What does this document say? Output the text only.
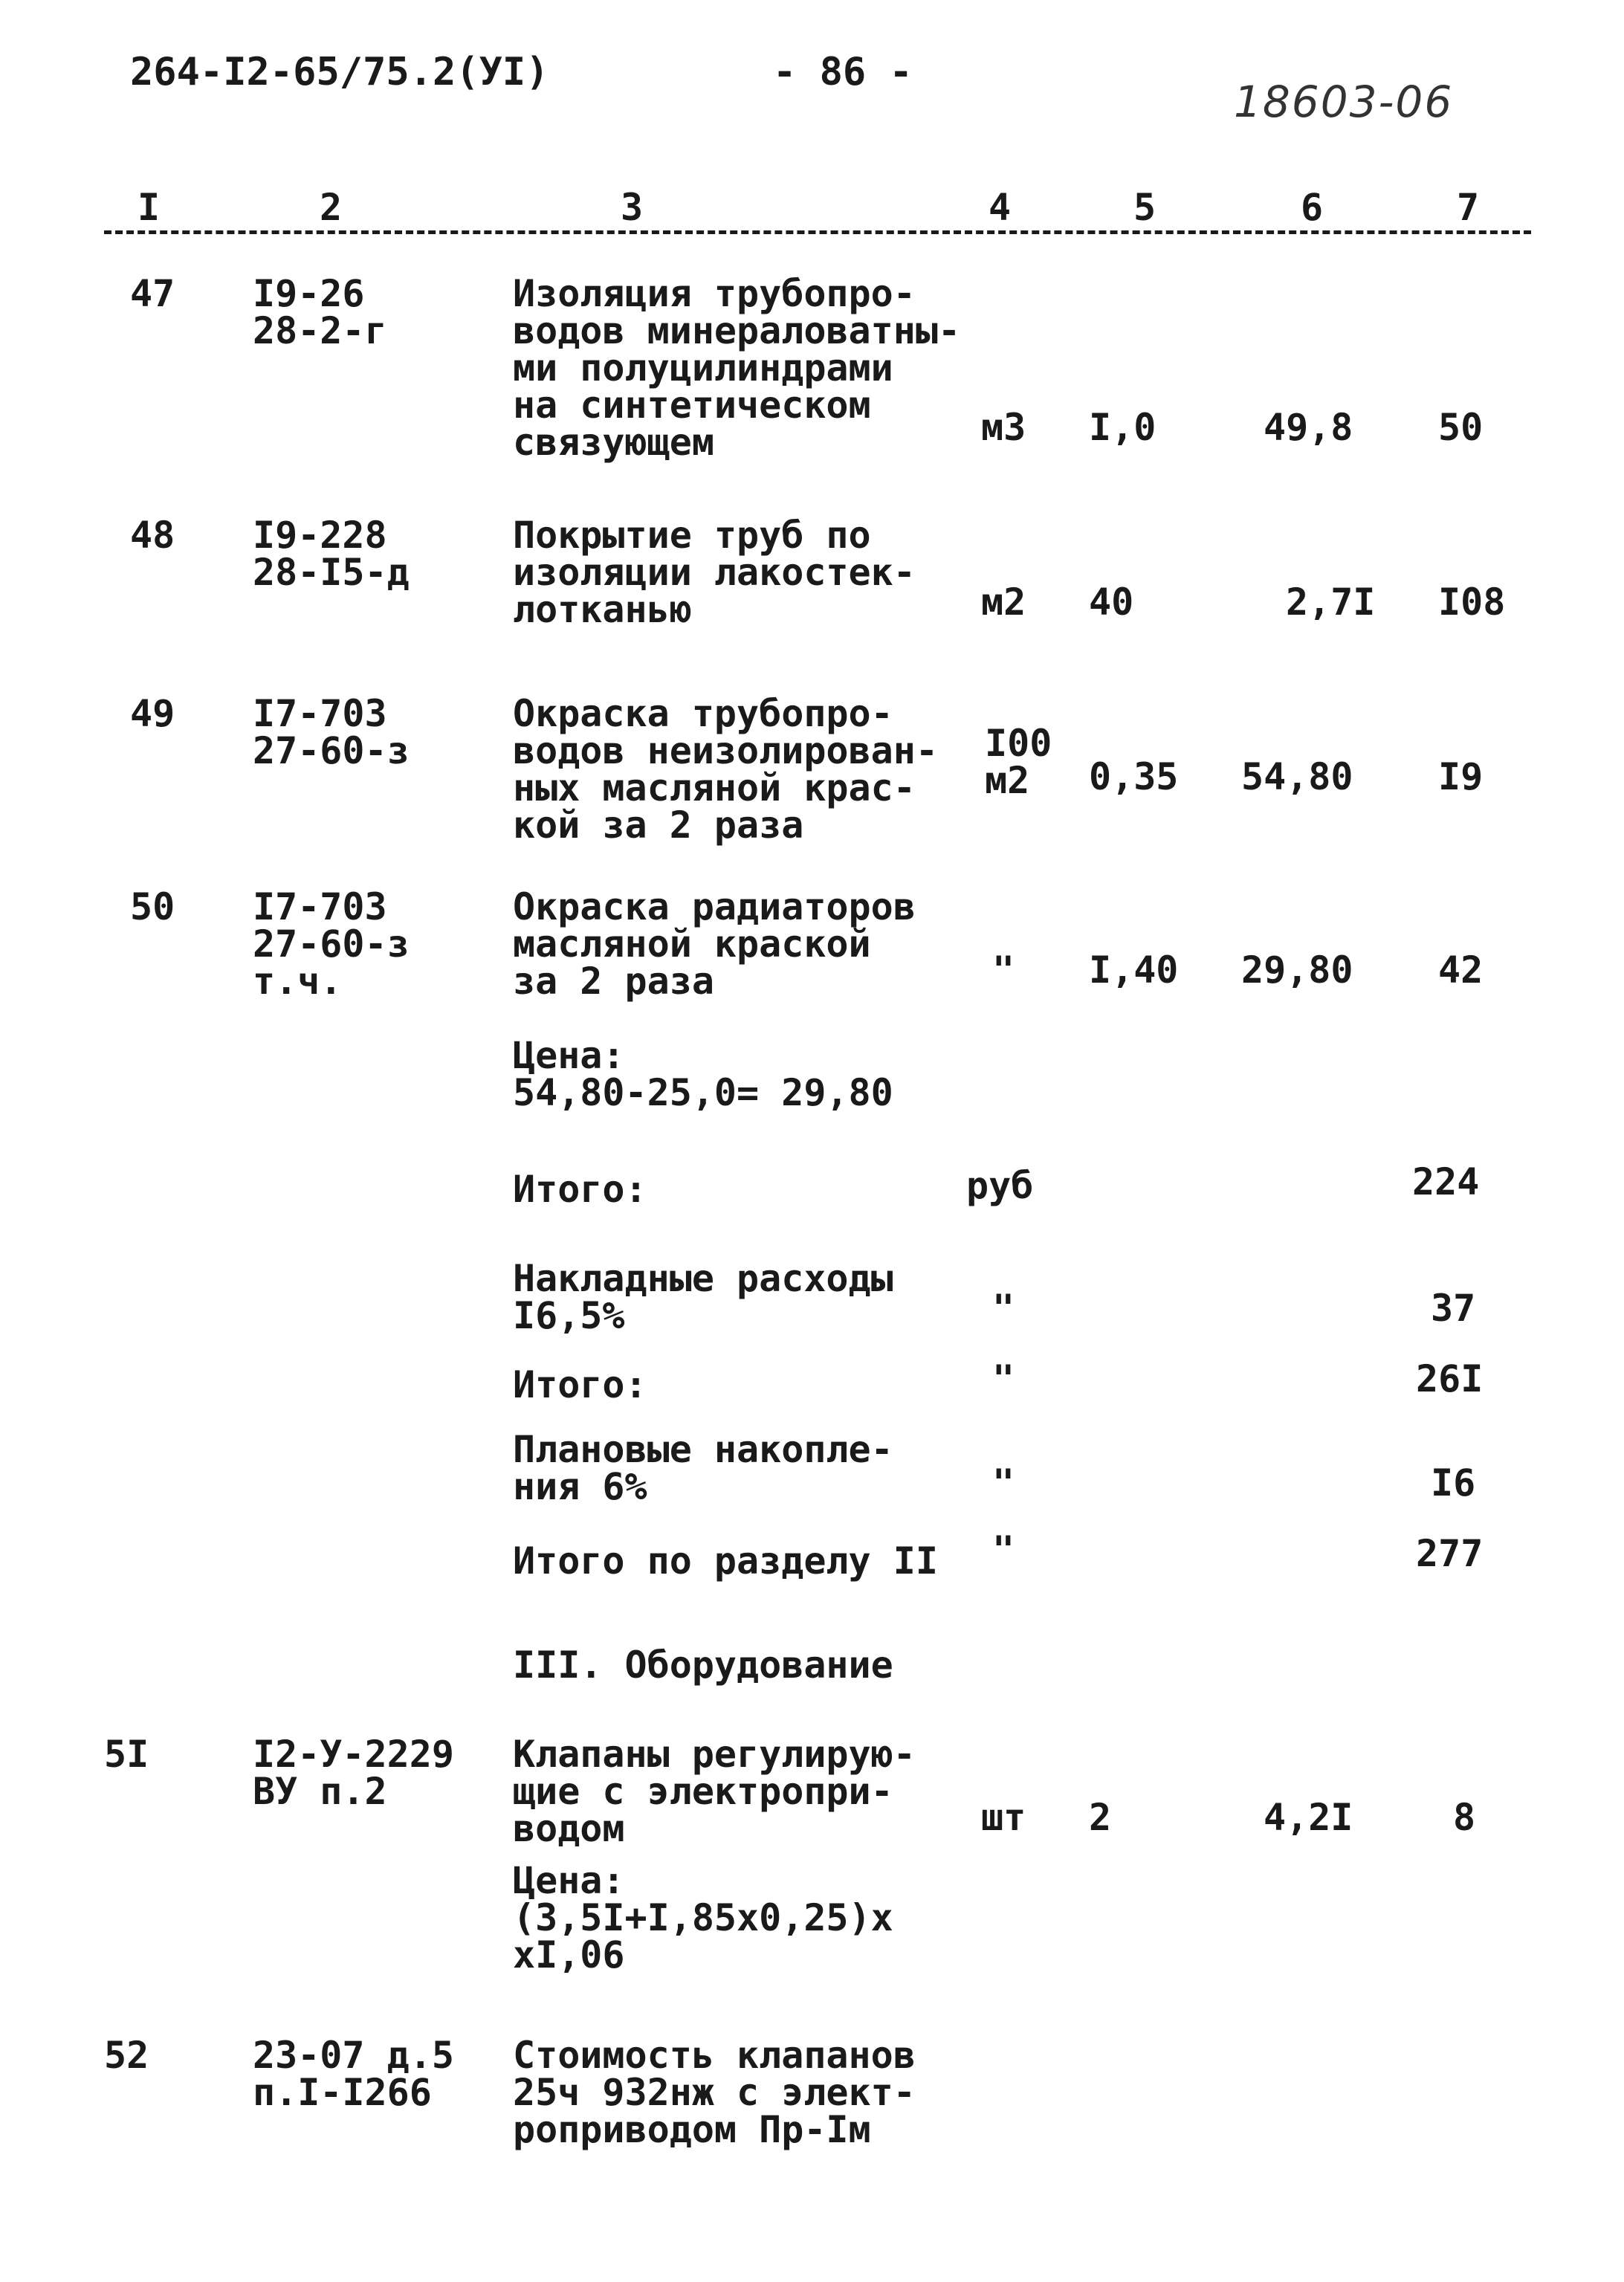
264-I2-65/75.2(УI)	- 86 -
18603-06
I	2	3	4	5	6	7
47 I9-26
28-2-г
Изоляция трубопро-
водов минераловатны-
ми полуцилиндрами
на синтетическом
связующем	м3 I,0	49,8 50
48 I9-228
28-I5-д
Покрытие труб по
изоляции лакостек-
лотканью	м2 40	2,7I I08
49 I7-703
27-60-з
Окраска трубопро-
водов неизолирован-
ных масляной крас-
кой за 2 раза
I00
м2	0,35 54,80 I9
50 I7-703
27-60-з
т.ч.
Окраска радиаторов
масляной краской
за 2 раза	" I,40 29,80 42
Цена:
54,80-25,0= 29,80
Итого:	руб	224
Накладные расходы
I6,5%	"	37
Итого:	"	26I
Плановые накопле-
ния 6%	"	I6
Итого по разделу II "	277
III. Оборудование
5I	I2-У-2229
ВУ п.2
Клапаны регулирую-
щие с электропри-
водом	шт 2	4,2I	8
Цена:
(3,5I+I,85х0,25)х
хI,06
52	23-07 д.5
п.I-I266
Стоимость клапанов
25ч 932нж с элект-
роприводом Пр-Iм
